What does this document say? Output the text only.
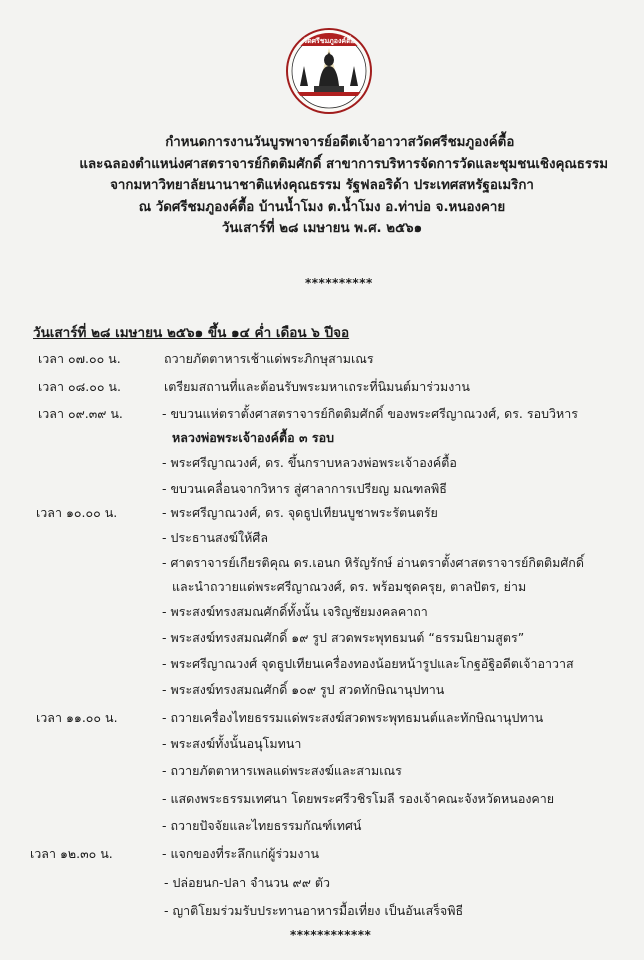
วัดศรีชมภูองค์ตื้อ
กำหนดการงานวันบูรพาจารย์อดีตเจ้าอาวาสวัดศรีชมภูองค์ตื้อ
และฉลองตำแหน่งศาสตราจารย์กิตติมศักดิ์ สาขาการบริหารจัดการวัดและชุมชนเชิงคุณธรรม
จากมหาวิทยาลัยนานาชาติแห่งคุณธรรม รัฐฟลอริด้า ประเทศสหรัฐอเมริกา
ณ วัดศรีชมภูองค์ตื้อ บ้านน้ำโมง ต.น้ำโมง อ.ท่าบ่อ จ.หนองคาย
วันเสาร์ที่ ๒๘ เมษายน พ.ศ. ๒๕๖๑
**********
วันเสาร์ที่ ๒๘ เมษายน ๒๕๖๑ ขึ้น ๑๔ ค่ำ เดือน ๖ ปีจอ
เวลา ๐๗.๐๐ น.
เวลา ๐๘.๐๐ น.
เวลา ๐๙.๓๙ น.
เวลา ๑๐.๐๐ น.
เวลา ๑๑.๐๐ น.
เวลา ๑๒.๓๐ น.
ถวายภัตตาหารเช้าแด่พระภิกษุสามเณร
เตรียมสถานที่และต้อนรับพระมหาเถระที่นิมนต์มาร่วมงาน
- ขบวนแห่ตราตั้งศาสตราจารย์กิตติมศักดิ์ ของพระศรีญาณวงศ์, ดร. รอบวิหาร
หลวงพ่อพระเจ้าองค์ตื้อ ๓ รอบ
- พระศรีญาณวงศ์, ดร. ขึ้นกราบหลวงพ่อพระเจ้าองค์ตื้อ
- ขบวนเคลื่อนจากวิหาร สู่ศาลาการเปรียญ มณฑลพิธี
- พระศรีญาณวงศ์, ดร. จุดธูปเทียนบูชาพระรัตนตรัย
- ประธานสงฆ์ให้ศีล
- ศาตราจารย์เกียรติคุณ ดร.เอนก หิรัญรักษ์ อ่านตราตั้งศาสตราจารย์กิตติมศักดิ์
และนำถวายแด่พระศรีญาณวงศ์, ดร. พร้อมชุดครุย, ตาลปัตร, ย่าม
- พระสงฆ์ทรงสมณศักดิ์ทั้งนั้น เจริญชัยมงคลคาถา
- พระสงฆ์ทรงสมณศักดิ์ ๑๙ รูป สวดพระพุทธมนต์ “ธรรมนิยามสูตร”
- พระศรีญาณวงศ์ จุดธูปเทียนเครื่องทองน้อยหน้ารูปและโกฐอัฐิอดีตเจ้าอาวาส
- พระสงฆ์ทรงสมณศักดิ์ ๑๐๙ รูป สวดทักษิณานุปทาน
- ถวายเครื่องไทยธรรมแด่พระสงฆ์สวดพระพุทธมนต์และทักษิณานุปทาน
- พระสงฆ์ทั้งนั้นอนุโมทนา
- ถวายภัตตาหารเพลแด่พระสงฆ์และสามเณร
- แสดงพระธรรมเทศนา โดยพระศรีวชิรโมลี รองเจ้าคณะจังหวัดหนองคาย
- ถวายปัจจัยและไทยธรรมกัณฑ์เทศน์
- แจกของที่ระลึกแก่ผู้ร่วมงาน
- ปล่อยนก-ปลา จำนวน ๙๙ ตัว
- ญาติโยมร่วมรับประทานอาหารมื้อเที่ยง เป็นอันเสร็จพิธี
************
